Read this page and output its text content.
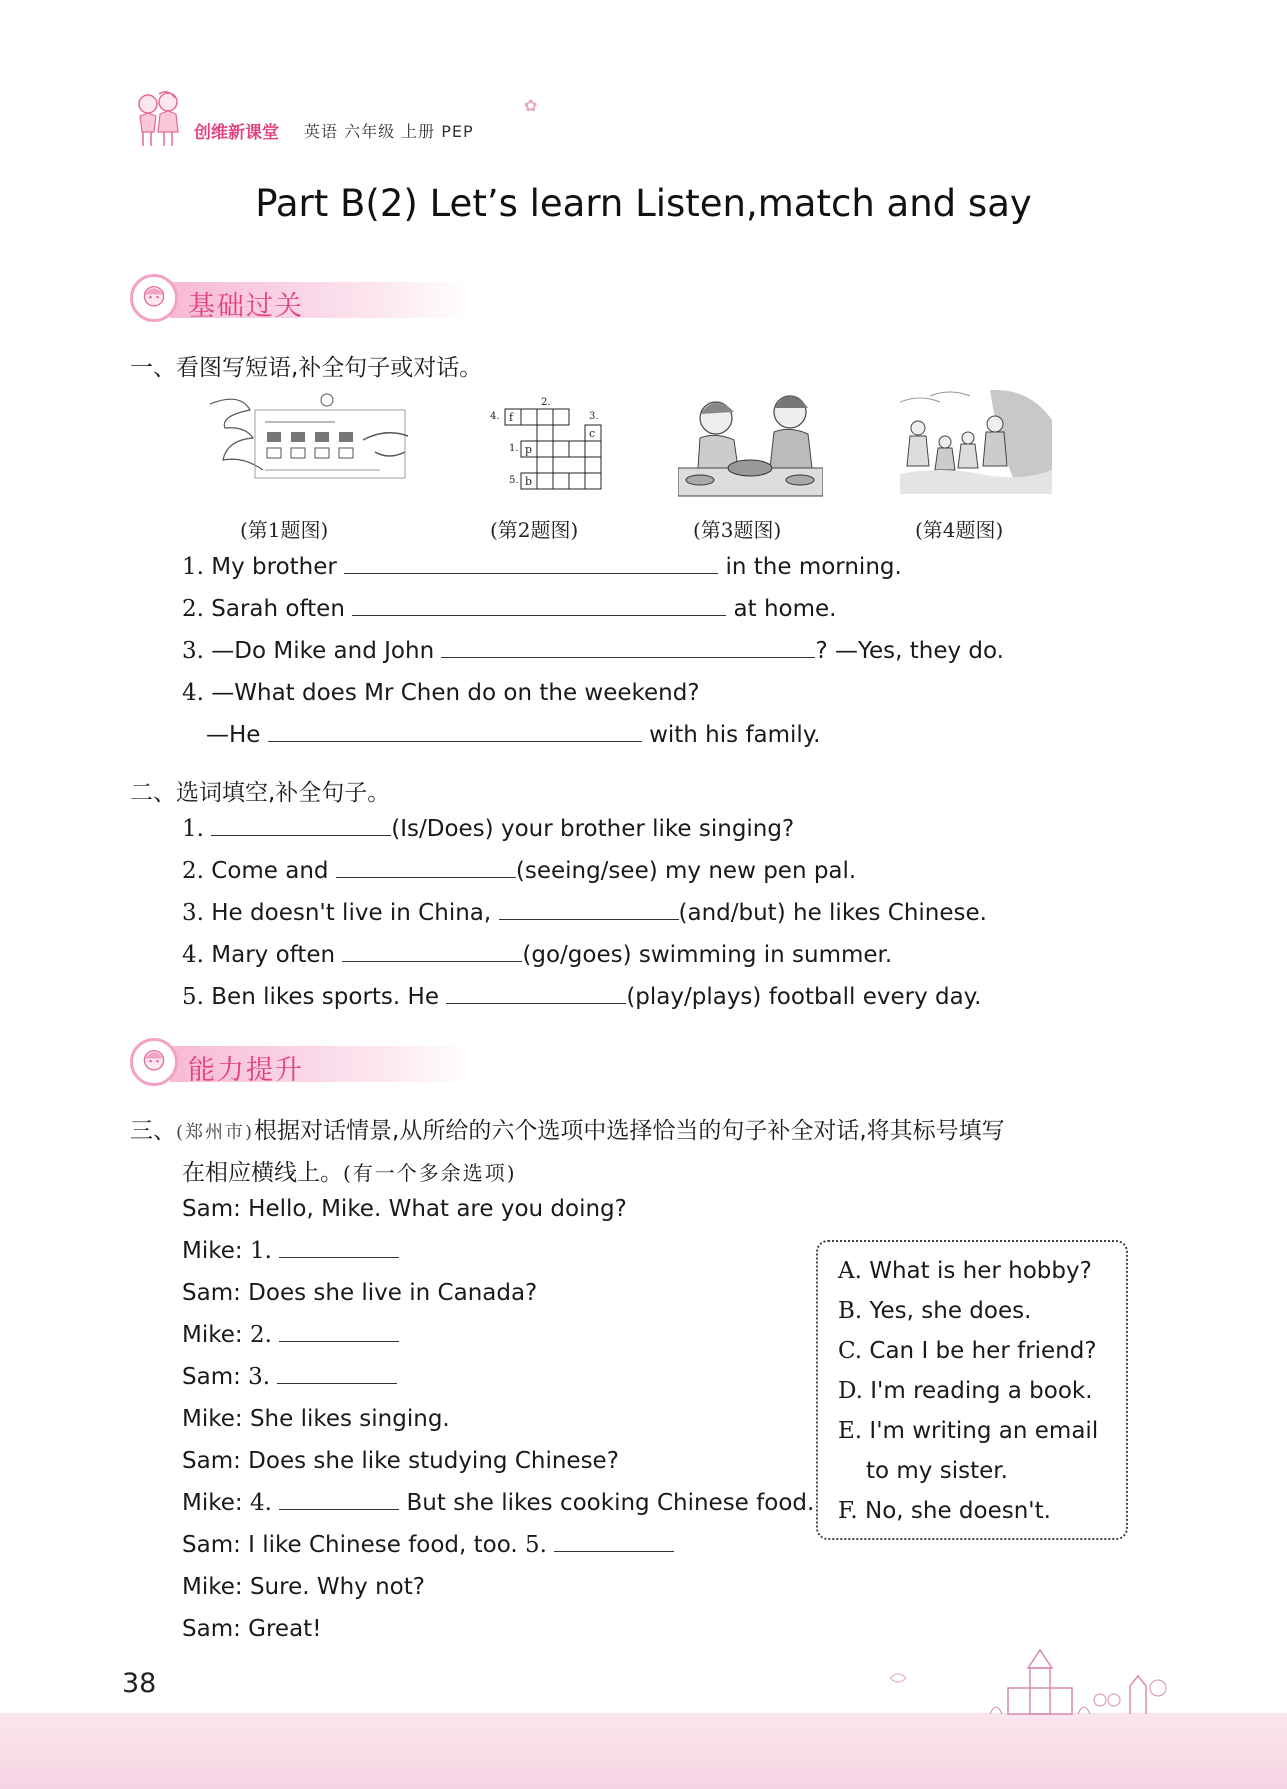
创维新课堂 英语 六年级 上册 PEP
✿
Part B(2) Let’s learn Listen,match and say
基础过关
一、看图写短语,补全句子或对话。
(第1题图)
4.
2.
3.
1.
5.
f
c
p
b
(第2题图)	(第3题图)	(第4题图)
1. My brother	in the morning.
2. Sarah often	at home.
3. —Do Mike and John	? —Yes, they do.
4. —What does Mr Chen do on the weekend?
—He	with his family.
二、选词填空,补全句子。
1.	(Is/Does) your brother like singing?
2. Come and	(seeing/see) my new pen pal.
3. He doesn't live in China,	(and/but) he likes Chinese.
4. Mary often	(go/goes) swimming in summer.
5. Ben likes sports. He	(play/plays) football every day.
能力提升
三、(郑州市)根据对话情景,从所给的六个选项中选择恰当的句子补全对话,将其标号填写
在相应横线上。(有一个多余选项)
Sam: Hello, Mike. What are you doing?
Mike: 1.
Sam: Does she live in Canada?
Mike: 2.
Sam: 3.
Mike: She likes singing.
Sam: Does she like studying Chinese?
Mike: 4.	But she likes cooking Chinese food.
Sam: I like Chinese food, too. 5.
Mike: Sure. Why not?
Sam: Great!
A. What is her hobby?
B. Yes, she does.
C. Can I be her friend?
D. I'm reading a book.
E. I'm writing an email
to my sister.
F. No, she doesn't.
38
